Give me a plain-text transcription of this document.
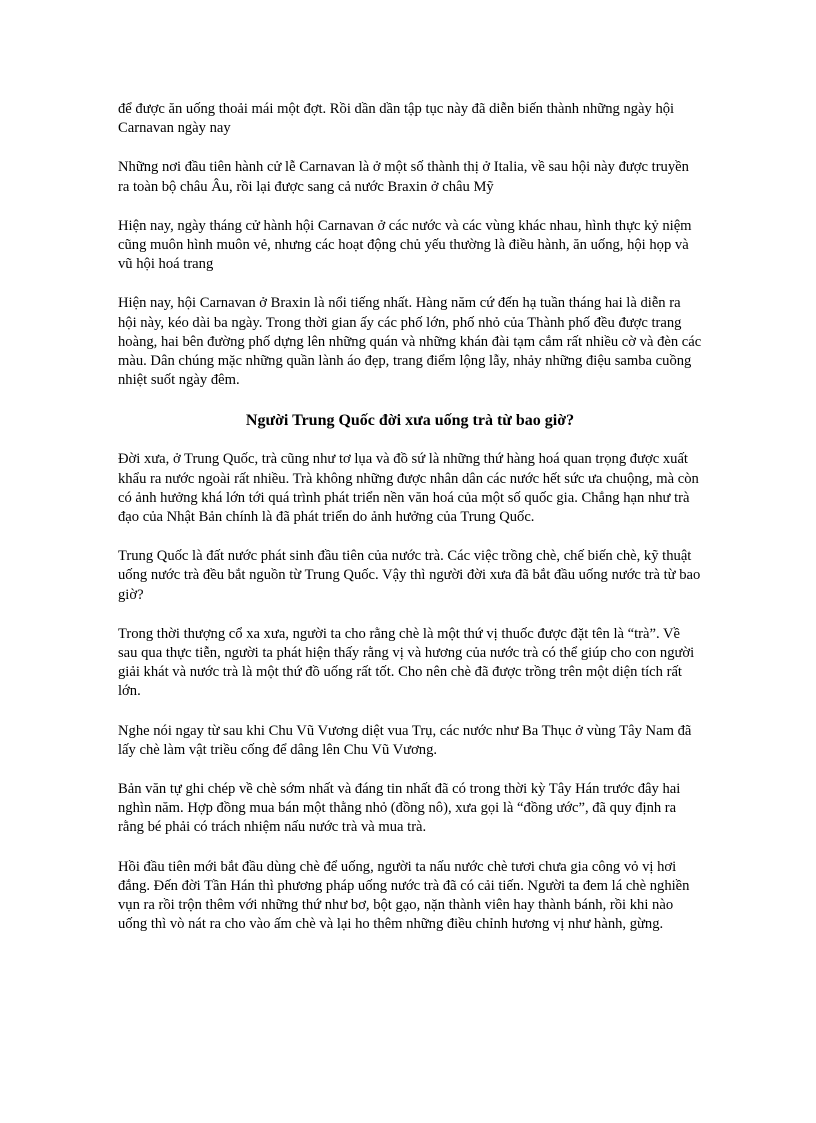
để được ăn uống thoải mái một đợt. Rồi dần dần tập tục này đã diễn biến thành những ngày hội Carnavan ngày nay

Những nơi đầu tiên hành cử lễ Carnavan là ở một số thành thị ở Italia, về sau hội này được truyền ra toàn bộ châu Âu, rồi lại được sang cả nước Braxin ở châu Mỹ

Hiện nay, ngày tháng cử hành hội Carnavan ở các nước và các vùng khác nhau, hình thực kỷ niệm cũng muôn hình muôn vẻ, nhưng các hoạt động chủ yếu thường là điều hành, ăn uống, hội họp và vũ hội hoá trang

Hiện nay, hội Carnavan ở Braxin là nổi tiếng nhất. Hàng năm cứ đến hạ tuần tháng hai là diễn ra hội này, kéo dài ba ngày. Trong thời gian ấy các phố lớn, phố nhỏ của Thành phố đều được trang hoàng, hai bên đường phố dựng lên những quán và những khán đài tạm cắm rất nhiều cờ và đèn các màu. Dân chúng mặc những quần lành áo đẹp, trang điểm lộng lẫy, nhảy những điệu samba cuồng nhiệt suốt ngày đêm.

Người Trung Quốc đời xưa uống trà từ bao giờ?

Đời xưa, ở Trung Quốc, trà cũng như tơ lụa và đồ sứ là những thứ hàng hoá quan trọng được xuất khẩu ra nước ngoài rất nhiều. Trà không những được nhân dân các nước hết sức ưa chuộng, mà còn có ảnh hưởng khá lớn tới quá trình phát triển nền văn hoá của một số quốc gia. Chẳng hạn như trà đạo của Nhật Bản chính là đã phát triển do ảnh hưởng của Trung Quốc.

Trung Quốc là đất nước phát sinh đầu tiên của nước trà. Các việc trồng chè, chế biến chè, kỹ thuật uống nước trà đều bắt nguồn từ Trung Quốc. Vậy thì người đời xưa đã bắt đầu uống nước trà từ bao giờ?

Trong thời thượng cổ xa xưa, người ta cho rằng chè là một thứ vị thuốc được đặt tên là “trà”. Về sau qua thực tiễn, người ta phát hiện thấy rằng vị và hương của nước trà có thể giúp cho con người giải khát và nước trà là một thứ đồ uống rất tốt. Cho nên chè đã được trồng trên một diện tích rất lớn.

Nghe nói ngay từ sau khi Chu Vũ Vương diệt vua Trụ, các nước như Ba Thục ở vùng Tây Nam đã lấy chè làm vật triều cống để dâng lên Chu Vũ Vương.

Bản văn tự ghi chép về chè sớm nhất và đáng tin nhất đã có trong thời kỳ Tây Hán trước đây hai nghìn năm. Hợp đồng mua bán một thằng nhỏ (đồng nô), xưa gọi là “đồng ước”, đã quy định ra rằng bé phải có trách nhiệm nấu nước trà và mua trà.

Hồi đầu tiên mới bắt đầu dùng chè để uống, người ta nấu nước chè tươi chưa gia công vỏ vị hơi đắng. Đến đời Tần Hán thì phương pháp uống nước trà đã có cải tiến. Người ta đem lá chè nghiền vụn ra rồi trộn thêm với những thứ như bơ, bột gạo, nặn thành viên hay thành bánh, rồi khi nào uống thì vò nát ra cho vào ấm chè và lại ho thêm những điều chỉnh hương vị như hành, gừng.
